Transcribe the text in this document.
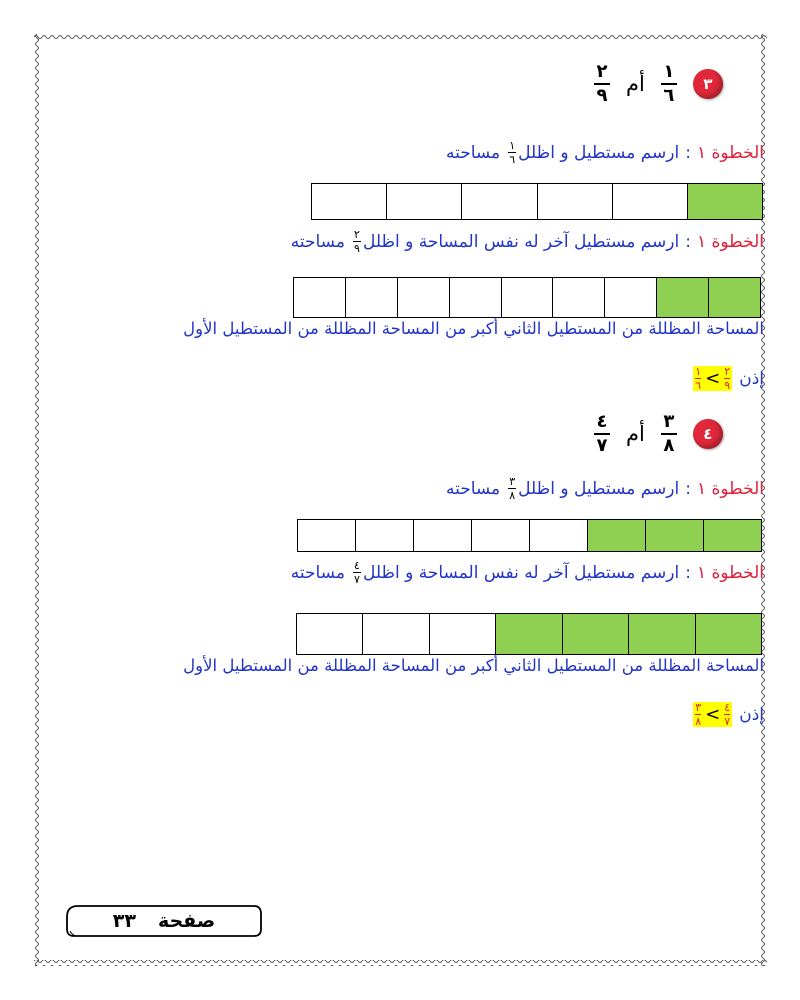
$\frac{٢}{٩}$ أم $\frac{١}{٦}$	٣
الخطوة ١
:
ارسم مستطيل و اظلل
$\frac{١}{٦}$
مساحته
الخطوة ١
:
ارسم مستطيل آخر له نفس المساحة و اظلل
$\frac{٢}{٩}$
مساحته
المساحة المظللة من المستطيل الثاني أكبر من المساحة المظللة من المستطيل الأول
$\frac{١}{٦} < \frac{٢}{٩}$ إذن
$\frac{٤}{٧}$ أم $\frac{٣}{٨}$	٤
الخطوة ١
:
ارسم مستطيل و اظلل
$\frac{٣}{٨}$
مساحته
الخطوة ١
:
ارسم مستطيل آخر له نفس المساحة و اظلل
$\frac{٤}{٧}$
مساحته
المساحة المظللة من المستطيل الثاني أكبر من المساحة المظللة من المستطيل الأول
$\frac{٣}{٨} < \frac{٤}{٧}$ إذن
صفحة
٣٣
